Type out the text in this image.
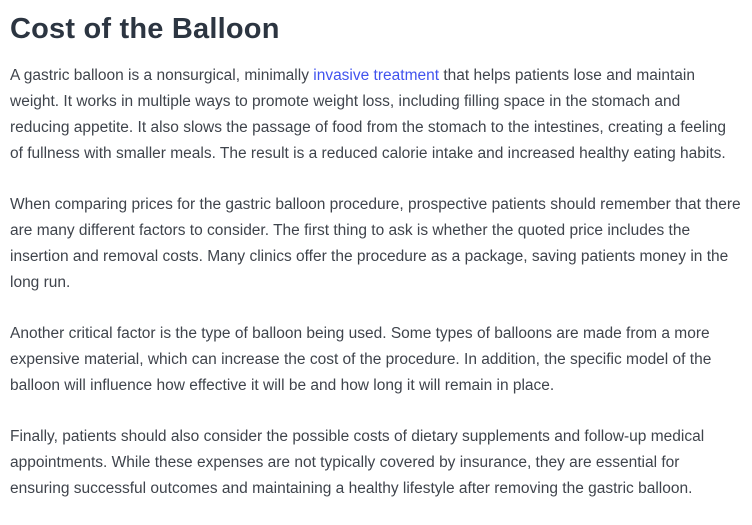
Cost of the Balloon

A gastric balloon is a nonsurgical, minimally invasive treatment that helps patients lose and maintain weight. It works in multiple ways to promote weight loss, including filling space in the stomach and reducing appetite. It also slows the passage of food from the stomach to the intestines, creating a feeling of fullness with smaller meals. The result is a reduced calorie intake and increased healthy eating habits.

When comparing prices for the gastric balloon procedure, prospective patients should remember that there are many different factors to consider. The first thing to ask is whether the quoted price includes the insertion and removal costs. Many clinics offer the procedure as a package, saving patients money in the long run.

Another critical factor is the type of balloon being used. Some types of balloons are made from a more expensive material, which can increase the cost of the procedure. In addition, the specific model of the balloon will influence how effective it will be and how long it will remain in place.

Finally, patients should also consider the possible costs of dietary supplements and follow-up medical appointments. While these expenses are not typically covered by insurance, they are essential for ensuring successful outcomes and maintaining a healthy lifestyle after removing the gastric balloon.
